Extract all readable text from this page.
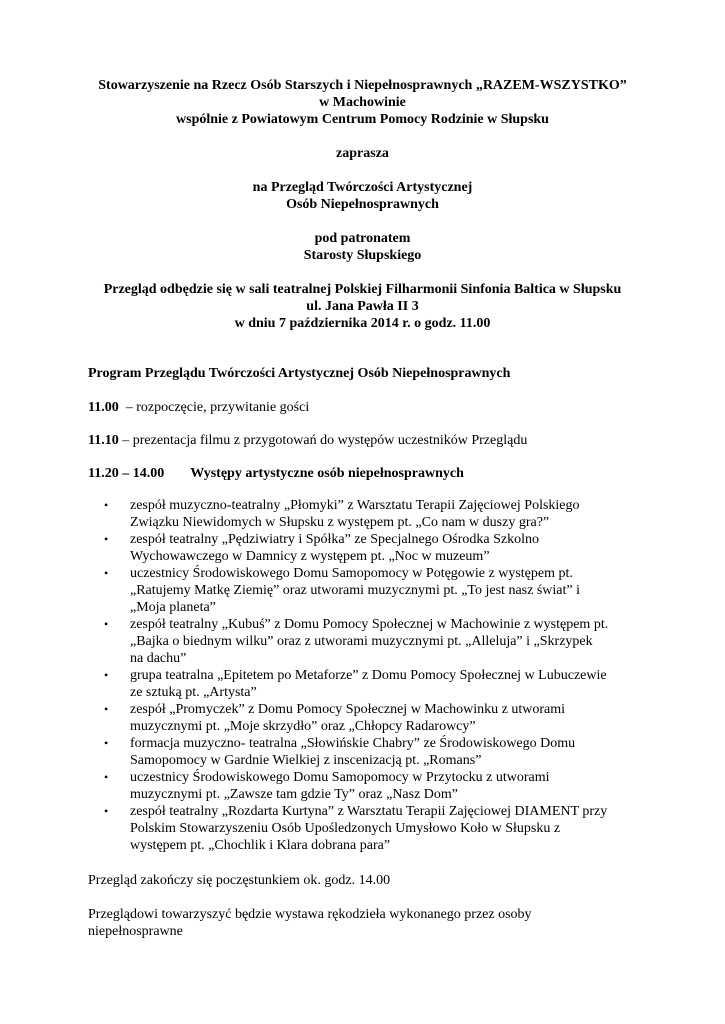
Stowarzyszenie na Rzecz Osób Starszych i Niepełnosprawnych „RAZEM-WSZYSTKO”
w Machowinie
wspólnie z Powiatowym Centrum Pomocy Rodzinie w Słupsku
zaprasza
na Przegląd Twórczości Artystycznej
Osób Niepełnosprawnych
pod patronatem
Starosty Słupskiego
Przegląd odbędzie się w sali teatralnej Polskiej Filharmonii Sinfonia Baltica w Słupsku
ul. Jana Pawła II 3
w dniu 7 października 2014 r. o godz. 11.00
Program Przeglądu Twórczości Artystycznej Osób Niepełnosprawnych
11.00  – rozpoczęcie, przywitanie gości
11.10 – prezentacja filmu z przygotowań do występów uczestników Przeglądu
11.20 – 14.00 Występy artystyczne osób niepełnosprawnych
• zespół muzyczno-teatralny „Płomyki” z Warsztatu Terapii Zajęciowej Polskiego
Związku Niewidomych w Słupsku z występem pt. „Co nam w duszy gra?”
• zespół teatralny „Pędziwiatry i Spółka” ze Specjalnego Ośrodka Szkolno
Wychowawczego w Damnicy z występem pt. „Noc w muzeum”
• uczestnicy Środowiskowego Domu Samopomocy w Potęgowie z występem pt.
„Ratujemy Matkę Ziemię” oraz utworami muzycznymi pt. „To jest nasz świat” i
„Moja planeta”
• zespół teatralny „Kubuś” z Domu Pomocy Społecznej w Machowinie z występem pt.
„Bajka o biednym wilku” oraz z utworami muzycznymi pt. „Alleluja” i „Skrzypek
na dachu”
• grupa teatralna „Epitetem po Metaforze” z Domu Pomocy Społecznej w Lubuczewie
ze sztuką pt. „Artysta”
• zespół „Promyczek” z Domu Pomocy Społecznej w Machowinku z utworami
muzycznymi pt. „Moje skrzydło” oraz „Chłopcy Radarowcy”
• formacja muzyczno- teatralna „Słowińskie Chabry” ze Środowiskowego Domu
Samopomocy w Gardnie Wielkiej z inscenizacją pt. „Romans”
• uczestnicy Środowiskowego Domu Samopomocy w Przytocku z utworami
muzycznymi pt. „Zawsze tam gdzie Ty” oraz „Nasz Dom”
• zespół teatralny „Rozdarta Kurtyna” z Warsztatu Terapii Zajęciowej DIAMENT przy
Polskim Stowarzyszeniu Osób Upośledzonych Umysłowo Koło w Słupsku z
występem pt. „Chochlik i Klara dobrana para”
Przegląd zakończy się poczęstunkiem ok. godz. 14.00
Przeglądowi towarzyszyć będzie wystawa rękodzieła wykonanego przez osoby
niepełnosprawne
